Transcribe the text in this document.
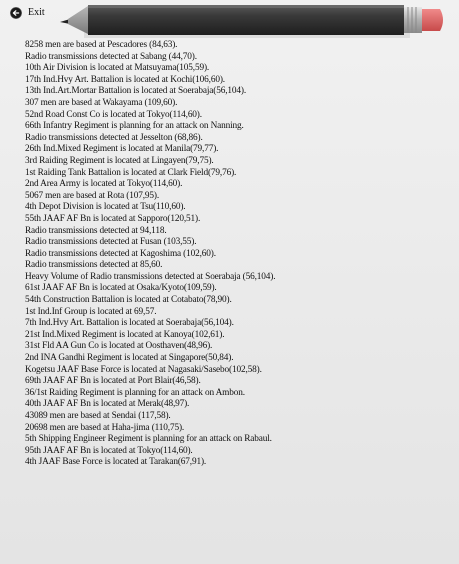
Exit
8258 men are based at Pescadores (84,63).
Radio transmissions detected at Sabang (44,70).
10th Air Division is located at Matsuyama(105,59).
17th Ind.Hvy Art. Battalion is located at Kochi(106,60).
13th Ind.Art.Mortar Battalion is located at Soerabaja(56,104).
307 men are based at Wakayama (109,60).
52nd Road Const Co is located at Tokyo(114,60).
66th Infantry Regiment is planning for an attack on Nanning.
Radio transmissions detected at Jesselton (68,86).
26th Ind.Mixed Regiment is located at Manila(79,77).
3rd Raiding Regiment is located at Lingayen(79,75).
1st Raiding Tank Battalion is located at Clark Field(79,76).
2nd Area Army is located at Tokyo(114,60).
5067 men are based at Rota (107,95).
4th Depot Division is located at Tsu(110,60).
55th JAAF AF Bn is located at Sapporo(120,51).
Radio transmissions detected at 94,118.
Radio transmissions detected at Fusan (103,55).
Radio transmissions detected at Kagoshima (102,60).
Radio transmissions detected at 85,60.
Heavy Volume of Radio transmissions detected at Soerabaja (56,104).
61st JAAF AF Bn is located at Osaka/Kyoto(109,59).
54th Construction Battalion is located at Cotabato(78,90).
1st Ind.Inf Group is located at 69,57.
7th Ind.Hvy Art. Battalion is located at Soerabaja(56,104).
21st Ind.Mixed Regiment is located at Kanoya(102,61).
31st Fld AA Gun Co is located at Oosthaven(48,96).
2nd INA Gandhi Regiment is located at Singapore(50,84).
Kogetsu JAAF Base Force is located at Nagasaki/Sasebo(102,58).
69th JAAF AF Bn is located at Port Blair(46,58).
36/1st Raiding Regiment is planning for an attack on Ambon.
40th JAAF AF Bn is located at Merak(48,97).
43089 men are based at Sendai (117,58).
20698 men are based at Haha-jima (110,75).
5th Shipping Engineer Regiment is planning for an attack on Rabaul.
95th JAAF AF Bn is located at Tokyo(114,60).
4th JAAF Base Force is located at Tarakan(67,91).
